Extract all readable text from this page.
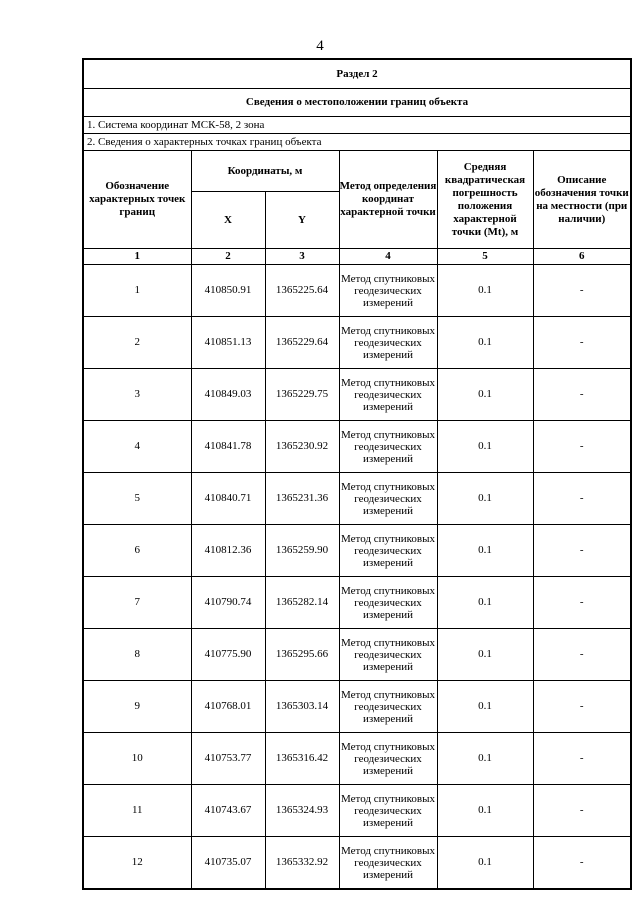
4
Раздел 2					
Сведения о местоположении границ объекта					
1. Система координат МСК-58, 2 зона					
2. Сведения о характерных точках границ объекта					
Обозначение характерных точек границ	Координаты, м		Метод определения координат характерной точки	Средняя квадратическая погрешность положения характерной точки (Mt), м	Описание обозначения точки на местности (при наличии)
	X	Y			
1	2	3	4	5	6
1	410850.91	1365225.64	Метод спутниковых геодезических измерений	0.1	-
2	410851.13	1365229.64	Метод спутниковых геодезических измерений	0.1	-
3	410849.03	1365229.75	Метод спутниковых геодезических измерений	0.1	-
4	410841.78	1365230.92	Метод спутниковых геодезических измерений	0.1	-
5	410840.71	1365231.36	Метод спутниковых геодезических измерений	0.1	-
6	410812.36	1365259.90	Метод спутниковых геодезических измерений	0.1	-
7	410790.74	1365282.14	Метод спутниковых геодезических измерений	0.1	-
8	410775.90	1365295.66	Метод спутниковых геодезических измерений	0.1	-
9	410768.01	1365303.14	Метод спутниковых геодезических измерений	0.1	-
10	410753.77	1365316.42	Метод спутниковых геодезических измерений	0.1	-
11	410743.67	1365324.93	Метод спутниковых геодезических измерений	0.1	-
12	410735.07	1365332.92	Метод спутниковых геодезических измерений	0.1	-
